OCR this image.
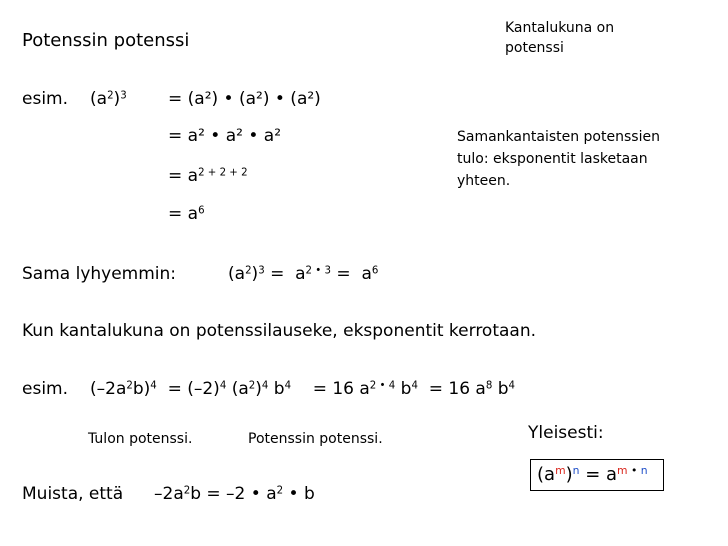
Potenssin potenssi
Kantalukuna on
potenssi
esim. $(a^2)^3 = (a^2)$ • (a²) • (a²)
= a² • a² • a²
= $a^{2 + 2 + 2}$
= $a^6$
Samankantaisten potenssien
tulo: eksponentit lasketaan
yhteen.
Sama lyhyemmin:	$(a^2)^3 = a^{2 • 3} = a^6$
Kun kantalukuna on potenssilauseke, eksponentit kerrotaan.
esim. $(-2a^2b)^4 = (-2)^4$ $(a^2)^4$ $b^4$    = 16 $a^{2 • 4}$ $b^4 = 16$ $a^8$ $b^4$
Tulon potenssi.	Potenssin potenssi.	Yleisesti:
$(a^m)^n = a^{m • n}$
Muista, että $-2a^2b = -2$ • $a^2$ • b
